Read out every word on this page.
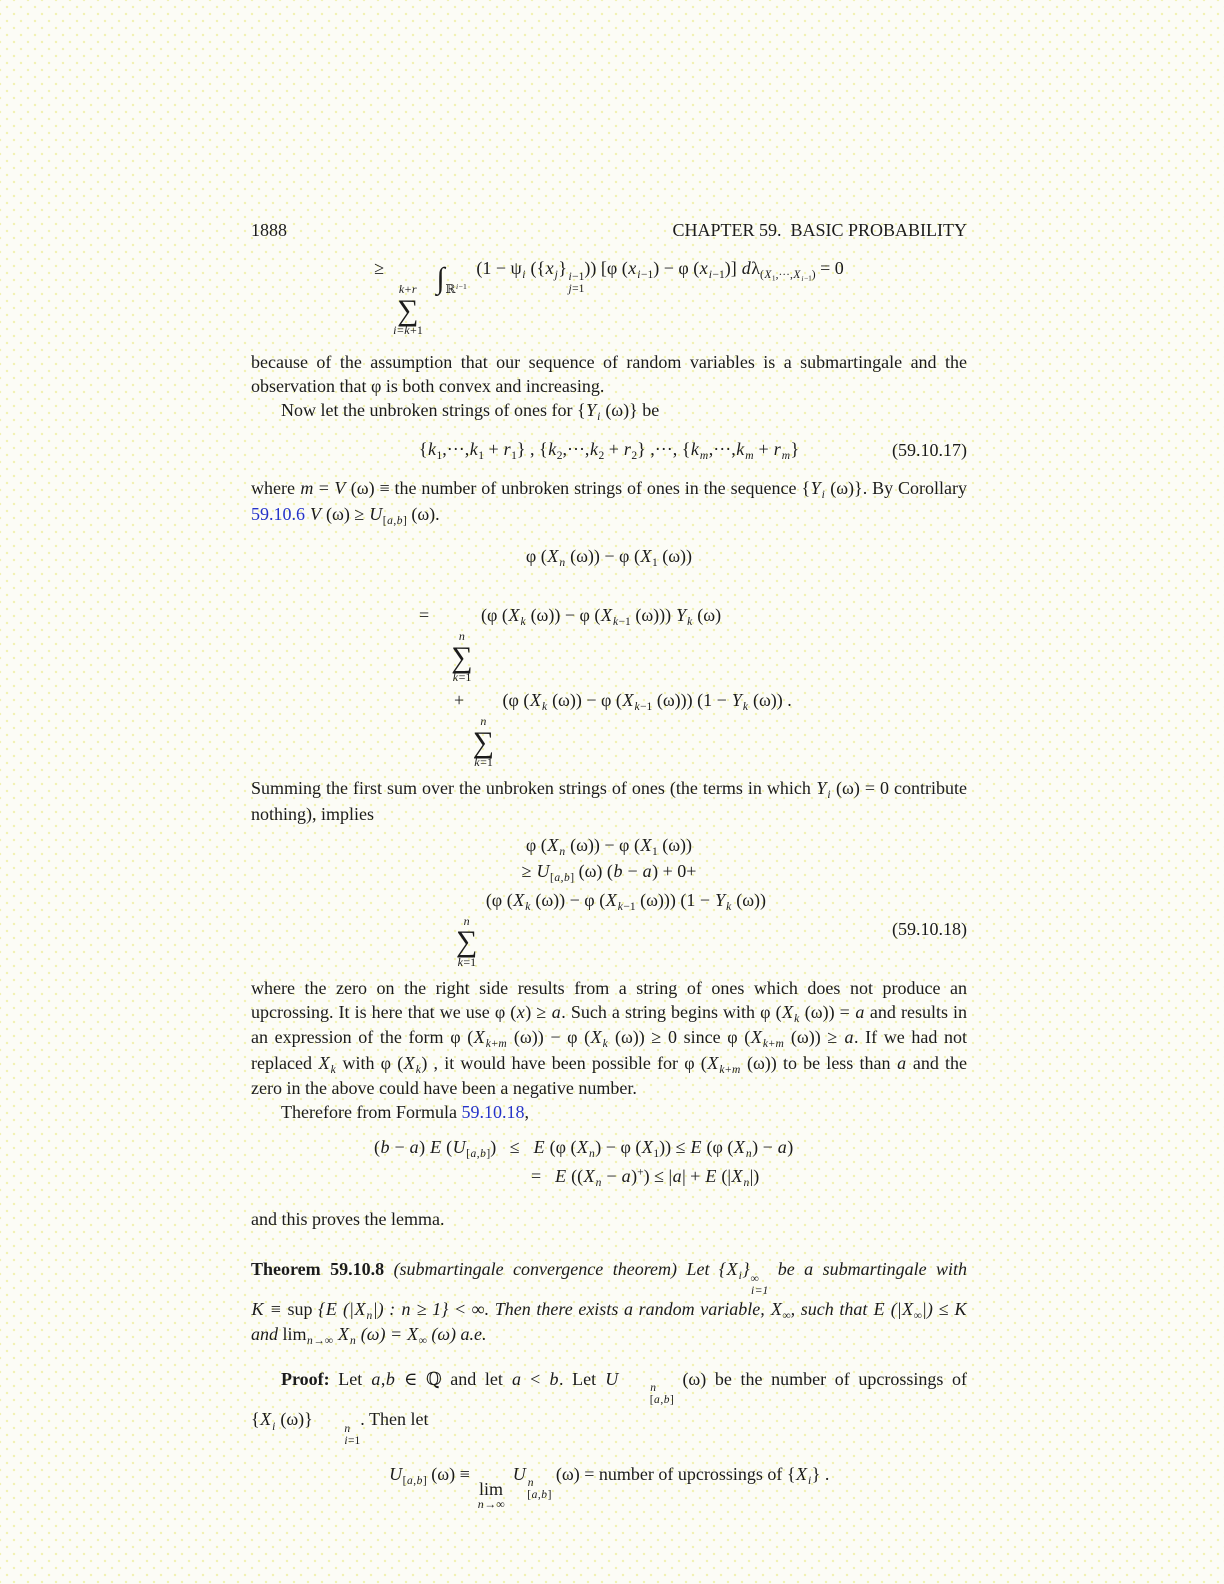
1888	CHAPTER 59.  BASIC PROBABILITY
≥
k+r
∑
i=k+1
$\int_{ℝ^{i-1}}$ ($1 - \psi_i$ ($\{x_j\}$ i−1
j=1
)) [φ $(x_{i-1}) - \varphi$ $(x_{i-1})$] $d\lambda_{(X_1,\cdot\cdot\cdot,X_{i-1})} = 0$

because of the assumption that our sequence of random variables is a submartingale and the observation that φ is both convex and increasing.

Now let the unbroken strings of ones for {$Y_i$ (ω)} be

$\{k_1,\cdot\cdot\cdot,k_1 + r_1\}$ , $\{k_2,\cdot\cdot\cdot,k_2 + r_2\}$ ,···, $\{k_m,\cdot\cdot\cdot,k_m + r_m\}$	(59.10.17)

where m = V (ω) ≡ the number of unbroken strings of ones in the sequence {$Y_i$ (ω)}. By Corollary 59.10.6 V $(\omega) \ge U_{[a,b]}$ (ω).

φ ($X_n$ (ω)) − φ ($X_1$ (ω))
=  
n
∑
k=1
(φ ($X_k$ (ω)) − φ ($X_{k-1}$ (ω))) $Y_k$ (ω)
+
n
∑
k=1
(φ ($X_k$ (ω)) − φ ($X_{k-1}$ (ω))) ($1 - Y_k$ (ω)) .

Summing the first sum over the unbroken strings of ones (the terms in which $Y_i$ (ω) = 0 contribute nothing), implies

φ ($X_n$ (ω)) − φ ($X_1$ (ω))
≥ $U_{[a,b]}$ (ω) (b − a) + 0+
n
∑
k=1
(φ ($X_k$ (ω)) − φ ($X_{k-1}$ (ω))) ($1 - Y_k$ (ω))
(59.10.18)

where the zero on the right side results from a string of ones which does not produce an upcrossing. It is here that we use φ (x) ≥ a. Such a string begins with φ ($X_k$ (ω)) = a and results in an expression of the form φ ($X_{k+m}$ (ω)) − φ ($X_k$ (ω)) ≥ 0 since φ ($X_{k+m}$ (ω)) ≥ a. If we had not replaced $X_k$ with φ $(X_k)$ , it would have been possible for φ ($X_{k+m}$ (ω)) to be less than a and the zero in the above could have been a negative number.

Therefore from Formula 59.10.18,

(b − a) E $(U_{[a,b]})$  ≤  E (φ $(X_n) - \varphi$ $(X_1)) \le E$ (φ $(X_n) - a$)
=  E $((X_n - a)^+) \le |a| + E$ $(|X_n|)$

and this proves the lemma.

Theorem 59.10.8 (submartingale convergence theorem) Let $\{X_i\}$ ∞
i=1
be a submartingale with K ≡ sup {E $(|X_n|)$ : n ≥ 1} < ∞. Then there exists a random variable, $X_\infty$, such that E $(|X_\infty|) \le K$ and $\lim_{n\to\infty} X_n$ $(\omega) = X_\infty$ (ω) a.e.

Proof: Let a,b ∈ ℚ and let a < b. Let U	n
[a,b]
(ω) be the number of upcrossings of {$X_i$ (ω)}	n
i=1
. Then let

$U_{[a,b]}$ (ω) ≡
lim
n→∞
U n
[a,b]
(ω) = number of upcrossings of $\{X_i\}$ .
